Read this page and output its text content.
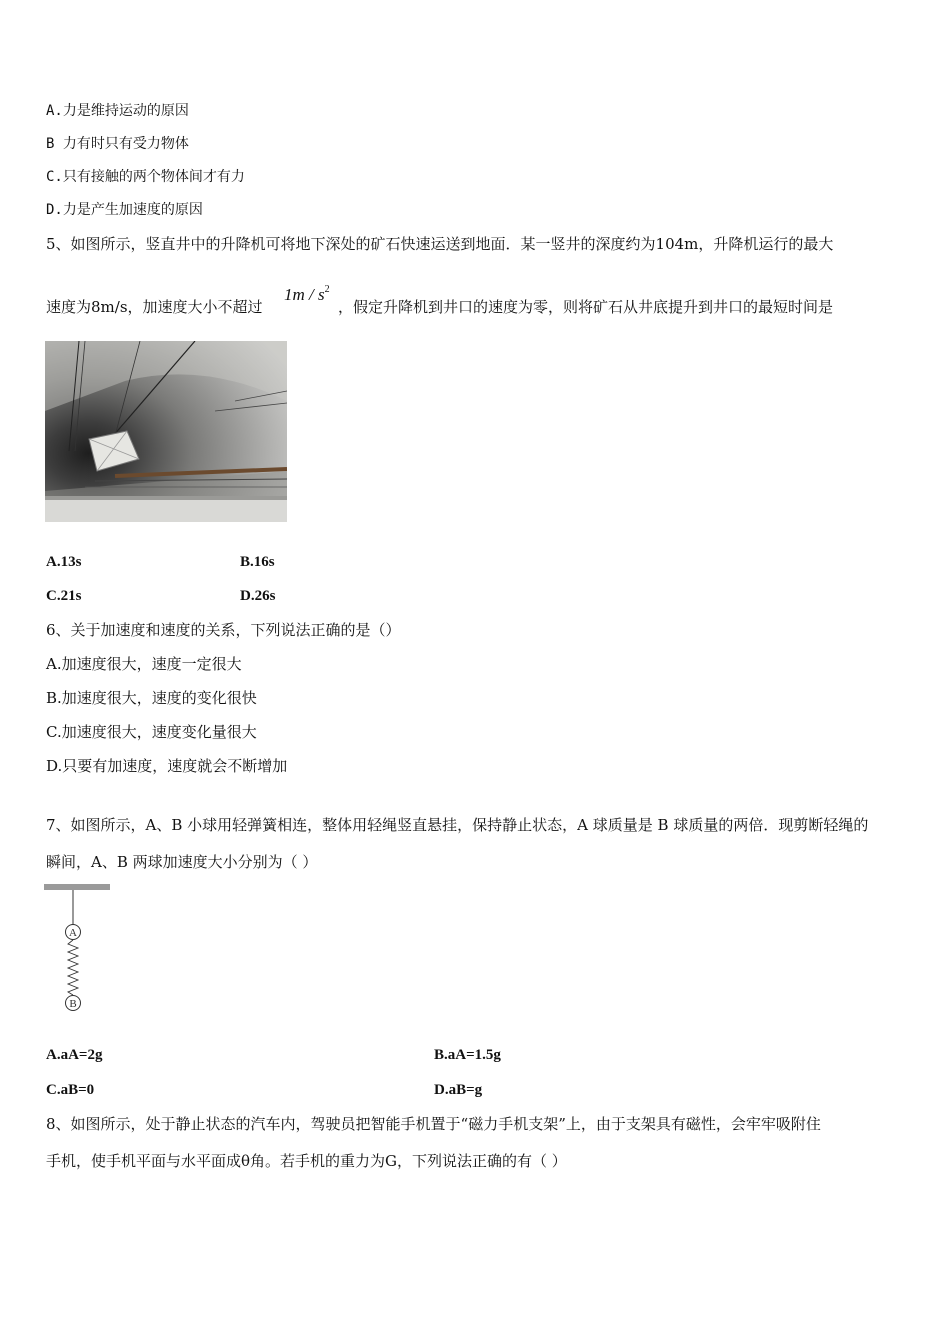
A.力是维持运动的原因
B 力有时只有受力物体
C.只有接触的两个物体间才有力
D.力是产生加速度的原因
5、如图所示，竖直井中的升降机可将地下深处的矿石快速运送到地面．某一竖井的深度约为104m，升降机运行的最大
速度为8m/s，加速度大小不超过
$1m / s^2$
，假定升降机到井口的速度为零，则将矿石从井底提升到井口的最短时间是
A.13s	B.16s
C.21s	D.26s
6、关于加速度和速度的关系，下列说法正确的是（）
A.加速度很大，速度一定很大
B.加速度很大，速度的变化很快
C.加速度很大，速度变化量很大
D.只要有加速度，速度就会不断增加
7、如图所示，A、B 小球用轻弹簧相连，整体用轻绳竖直悬挂，保持静止状态，A 球质量是 B 球质量的两倍．现剪断轻绳的
瞬间，A、B 两球加速度大小分别为（ ）
A
B
A.aA=2g	B.aA=1.5g
C.aB=0	D.aB=g
8、如图所示，处于静止状态的汽车内，驾驶员把智能手机置于“磁力手机支架”上，由于支架具有磁性，会牢牢吸附住
手机，使手机平面与水平面成θ角。若手机的重力为G，下列说法正确的有（ ）
